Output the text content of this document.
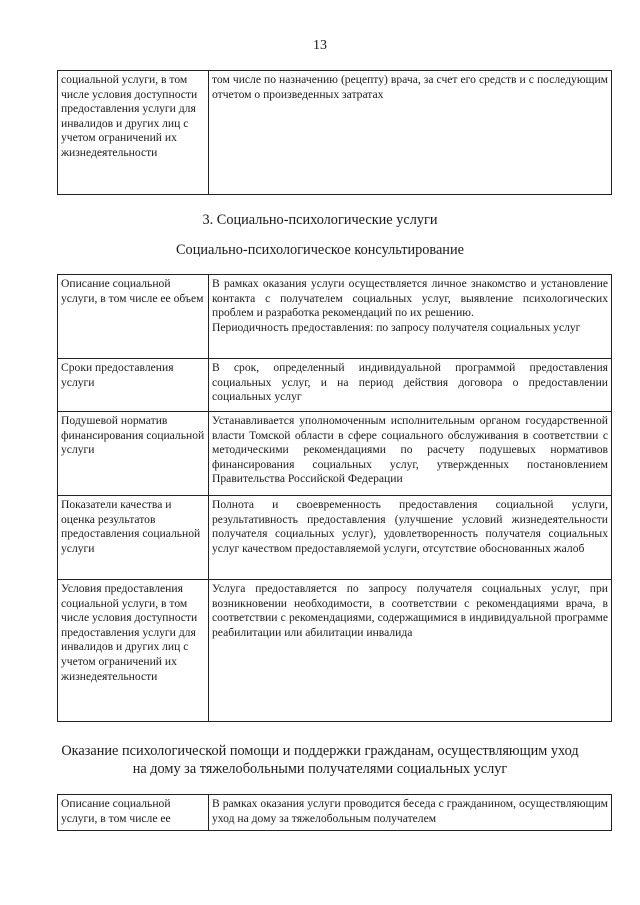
13
социальной услуги, в том числе условия доступности предоставления услуги для инвалидов и других лиц с учетом ограничений их жизнедеятельности	том числе по назначению (рецепту) врача, за счет его средств и с последующим отчетом о произведенных затратах
3. Социально-психологические услуги
Социально-психологическое консультирование
Описание социальной услуги, в том числе ее объем	В рамках оказания услуги осуществляется личное знакомство и установление контакта с получателем социальных услуг, выявление психологических проблем и разработка рекомендаций по их решению.
Периодичность предоставления: по запросу получателя социальных услуг

Сроки предоставления услуги	В срок, определенный индивидуальной программой предоставления социальных услуг, и на период действия договора о предоставлении социальных услуг
Подушевой норматив финансирования социальной услуги	Устанавливается уполномоченным исполнительным органом государственной власти Томской области в сфере социального обслуживания в соответствии с методическими рекомендациями по расчету подушевых нормативов финансирования социальных услуг, утвержденных постановлением Правительства Российской Федерации
Показатели качества и оценка результатов предоставления социальной услуги	Полнота и своевременность предоставления социальной услуги, результативность предоставления (улучшение условий жизнедеятельности получателя социальных услуг), удовлетворенность получателя социальных услуг качеством предоставляемой услуги, отсутствие обоснованных жалоб
Условия предоставления социальной услуги, в том числе условия доступности предоставления услуги для инвалидов и других лиц с учетом ограничений их жизнедеятельности	Услуга предоставляется по запросу получателя социальных услуг, при возникновении необходимости, в соответствии с рекомендациями врача, в соответствии с рекомендациями, содержащимися в индивидуальной программе реабилитации или абилитации инвалида
Оказание психологической помощи и поддержки гражданам, осуществляющим уход
на дому за тяжелобольными получателями социальных услуг
Описание социальной услуги, в том числе ее	В рамках оказания услуги проводится беседа с гражданином, осуществляющим уход на дому за тяжелобольным получателем
